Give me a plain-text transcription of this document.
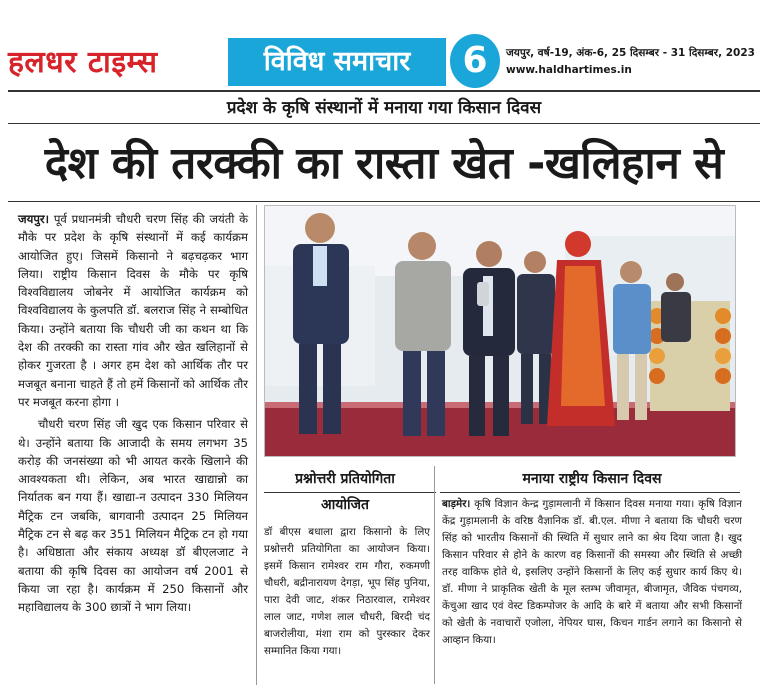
हलधर टाइम्स	विविध समाचार	6	जयपुर, वर्ष-19, अंक-6, 25 दिसम्बर - 31 दिसम्बर, 2023
www.haldhartimes.in
प्रदेश के कृषि संस्थानों में मनाया गया किसान दिवस
देश की तरक्की का रास्ता खेत -खलिहान से

जयपुर। पूर्व प्रधानमंत्री चौधरी चरण सिंह की जयंती के मौके पर प्रदेश के कृषि संस्थानों में कई कार्यक्रम आयोजित हुए। जिसमें किसानो ने बढ़चढ़कर भाग लिया। राष्ट्रीय किसान दिवस के मौके पर कृषि विश्वविद्यालय जोबनेर में आयोजित कार्यक्रम को विश्वविद्यालय के कुलपति डॉ. बलराज सिंह ने सम्बोधित किया। उन्होंने बताया कि चौधरी जी का कथन था कि देश की तरक्की का रास्ता गांव और खेत खलिहानों से होकर गुजरता है । अगर हम देश को आर्थिक तौर पर मजबूत बनाना चाहते हैं तो हमें किसानों को आर्थिक तौर पर मजबूत करना होगा ।

चौधरी चरण सिंह जी खुद एक किसान परिवार से थे। उन्होंने बताया कि आजादी के समय लगभग 35 करोड़ की जनसंख्या को भी आयत करके खिलाने की आवश्यकता थी। लेकिन, अब भारत खाद्यान्नो का निर्यातक बन गया हैं। खाद्या-न उत्पादन 330 मिलियन मैट्रिक टन जबकि, बागवानी उत्पादन 25 मिलियन मैट्रिक टन से बढ़ कर 351 मिलियन मैट्रिक टन हो गया है। अधिष्ठाता और संकाय अध्यक्ष डॉ बीएलजाट ने बताया की कृषि दिवस का आयोजन वर्ष 2001 से किया जा रहा है। कार्यक्रम में 250 किसानों और महाविद्यालय के 300 छात्रों ने भाग लिया।

प्रश्नोत्तरी प्रतियोगिता आयोजित
मनाया राष्ट्रीय किसान दिवस
डॉ बीएस बधाला द्वारा किसानो के लिए प्रश्नोत्तरी प्रतियोगिता का आयोजन किया। इसमें किसान रामेश्वर राम गौरा, रुकमणी चौधरी, बद्रीनारायण देगड़ा, भूप सिंह पुनिया, पारा देवी जाट, शंकर निठारवाल, रामेश्वर लाल जाट, गणेश लाल चौधरी, बिरदी चंद बाजरोलीया, मंशा राम को पुरस्कार देकर सम्मानित किया गया।
बाड़मेर। कृषि विज्ञान केन्द्र गुड़ामलानी में किसान दिवस मनाया गया। कृषि विज्ञान केंद्र गुड़ामलानी के वरिष्ठ वैज्ञानिक डॉ. बी.एल. मीणा ने बताया कि चौधरी चरण सिंह को भारतीय किसानों की स्थिति में सुधार लाने का श्रेय दिया जाता है। खुद किसान परिवार से होने के कारण वह किसानों की समस्या और स्थिति से अच्छी तरह वाकिफ होते थे, इसलिए उन्होंने किसानों के लिए कई सुधार कार्य किए थे। डॉ. मीणा ने प्राकृतिक खेती के मूल स्तम्भ जीवामृत, बीजामृत, जैविक पंचगव्य, केंचुआ खाद एवं वेस्ट डिकम्पोजर के आदि के बारे में बताया और सभी किसानों को खेती के नवाचारों एजोला, नेपियर घास, किचन गार्डन लगाने का किसानो से आव्हान किया।
